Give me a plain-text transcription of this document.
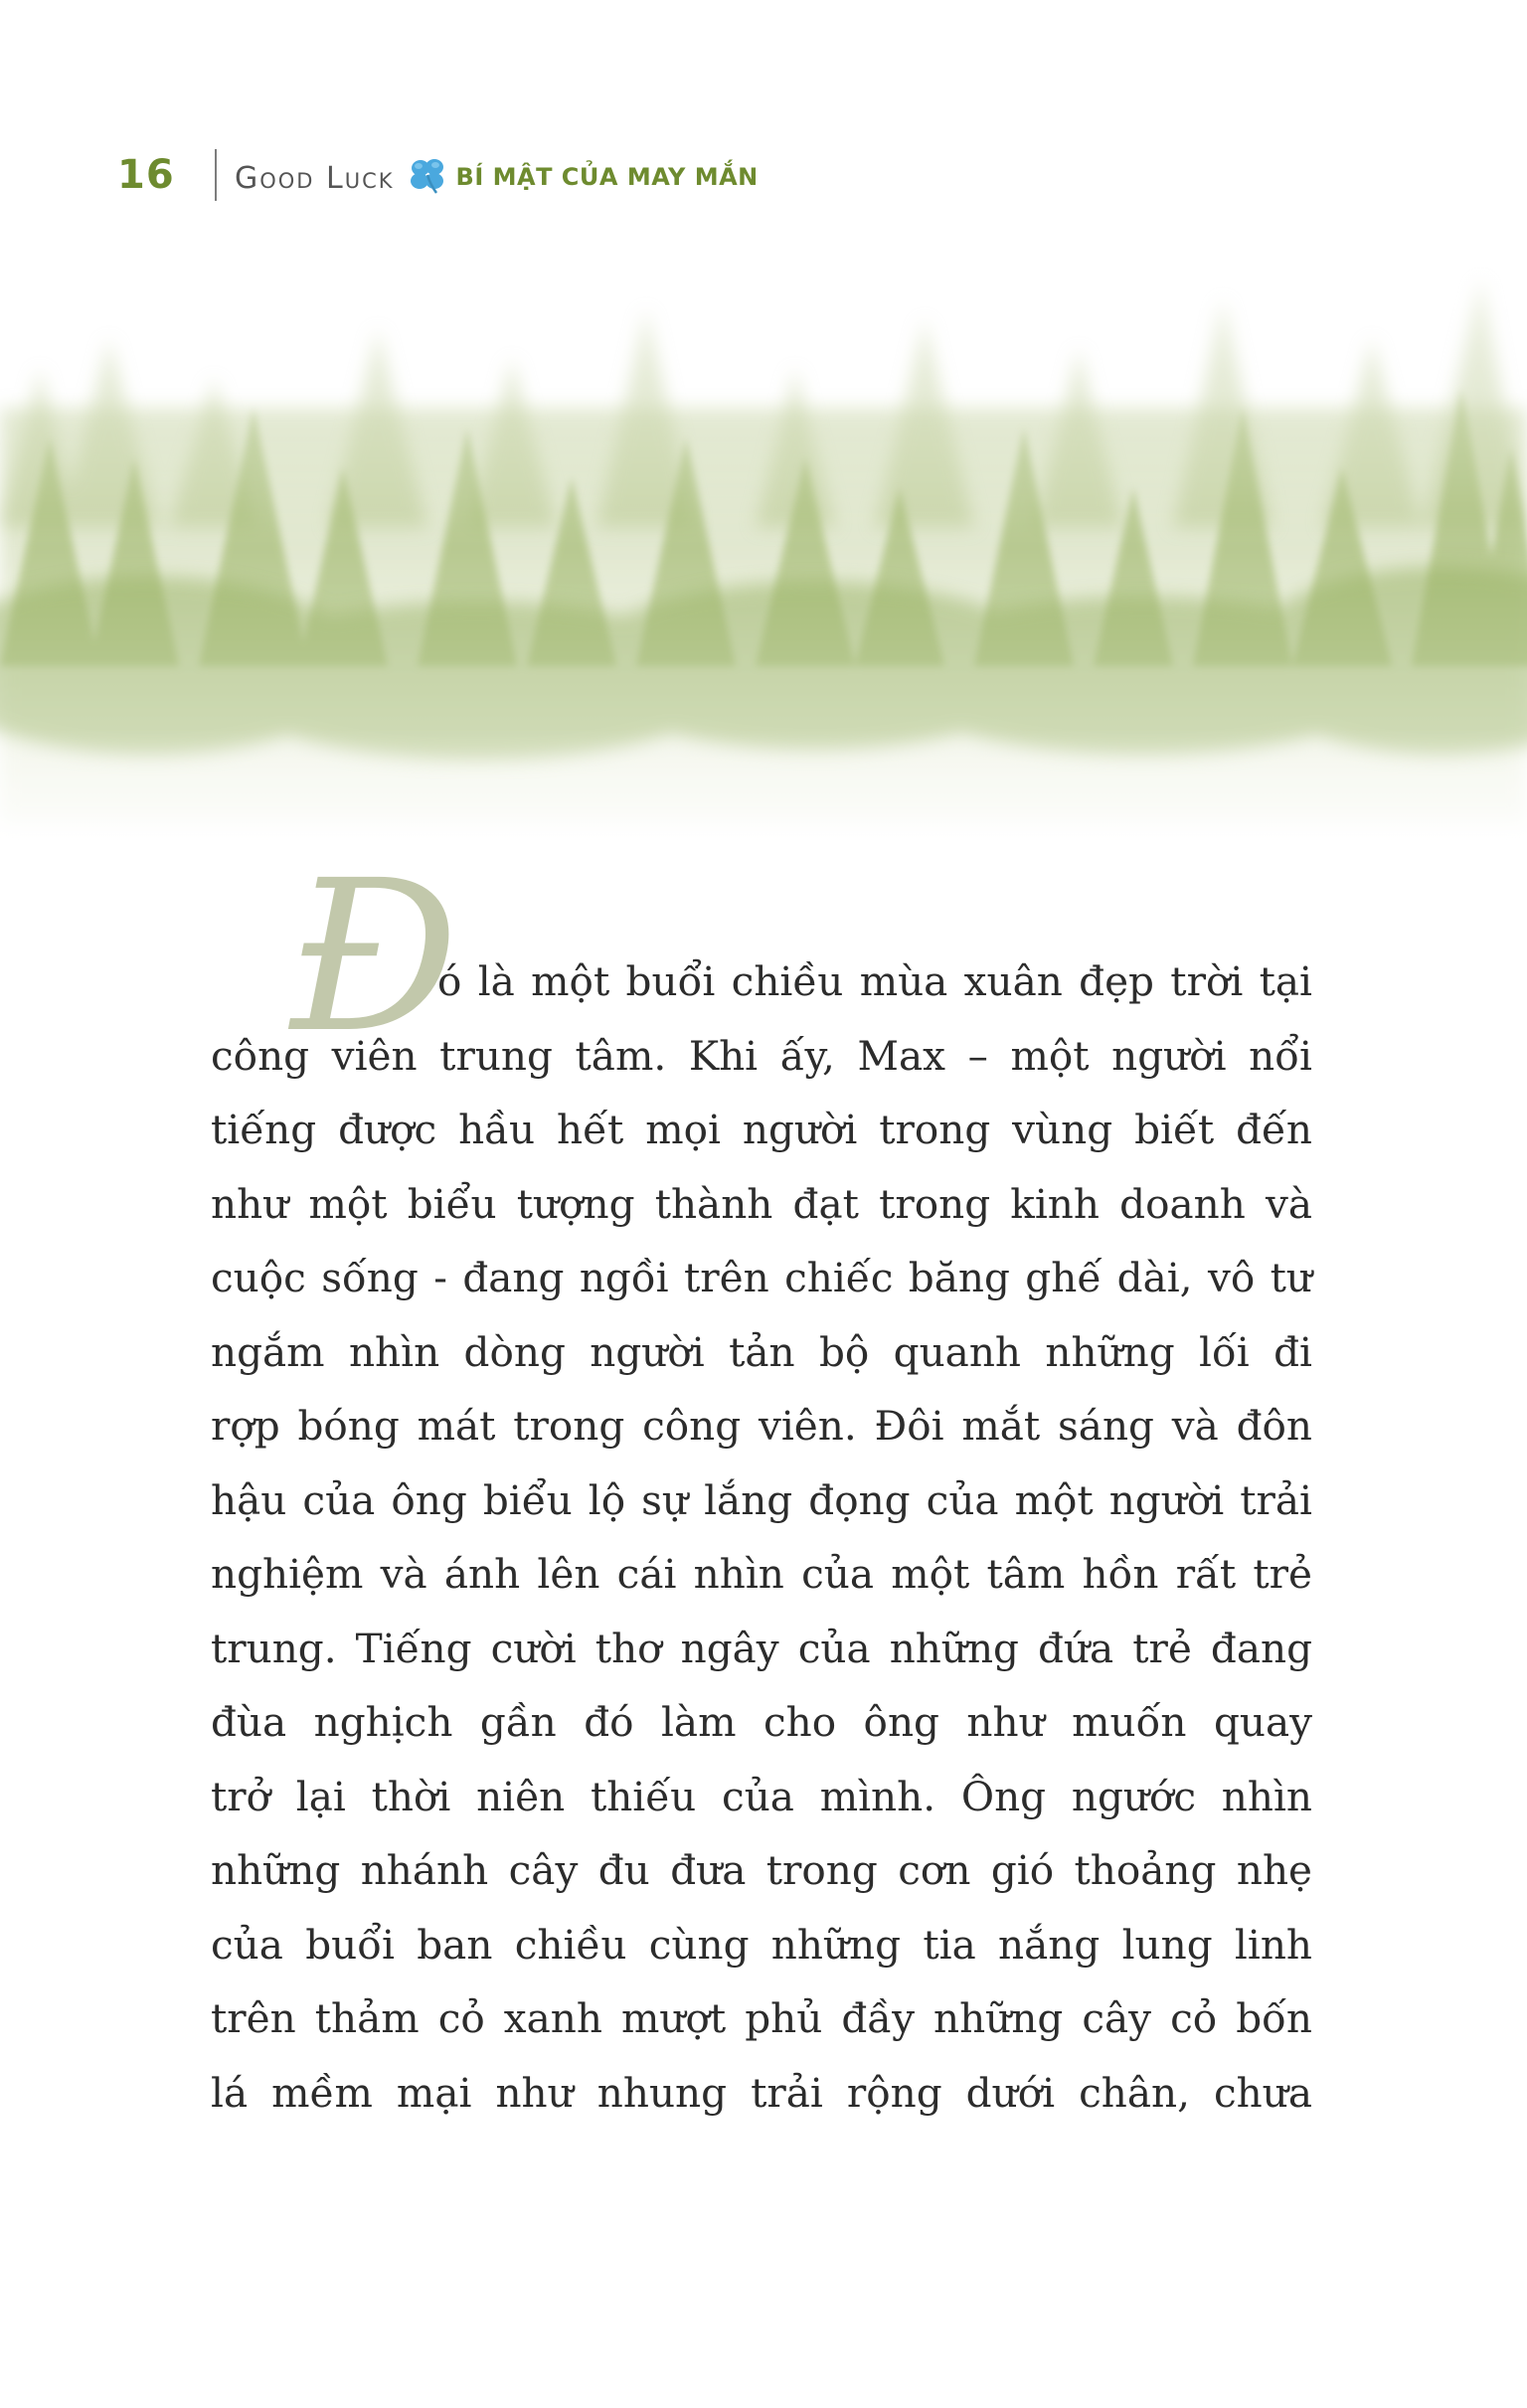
16	Good Luck	BÍ MẬT CỦA MAY MẮN
Đ

ó là một buổi chiều mùa xuân đẹp trời tại
công viên trung tâm. Khi ấy, Max – một người nổi
tiếng được hầu hết mọi người trong vùng biết đến
như một biểu tượng thành đạt trong kinh doanh và
cuộc sống - đang ngồi trên chiếc băng ghế dài, vô tư
ngắm nhìn dòng người tản bộ quanh những lối đi
rợp bóng mát trong công viên. Đôi mắt sáng và đôn
hậu của ông biểu lộ sự lắng đọng của một người trải
nghiệm và ánh lên cái nhìn của một tâm hồn rất trẻ
trung. Tiếng cười thơ ngây của những đứa trẻ đang
đùa nghịch gần đó làm cho ông như muốn quay
trở lại thời niên thiếu của mình. Ông ngước nhìn
những nhánh cây đu đưa trong cơn gió thoảng nhẹ
của buổi ban chiều cùng những tia nắng lung linh
trên thảm cỏ xanh mượt phủ đầy những cây cỏ bốn
lá mềm mại như nhung trải rộng dưới chân, chưa
